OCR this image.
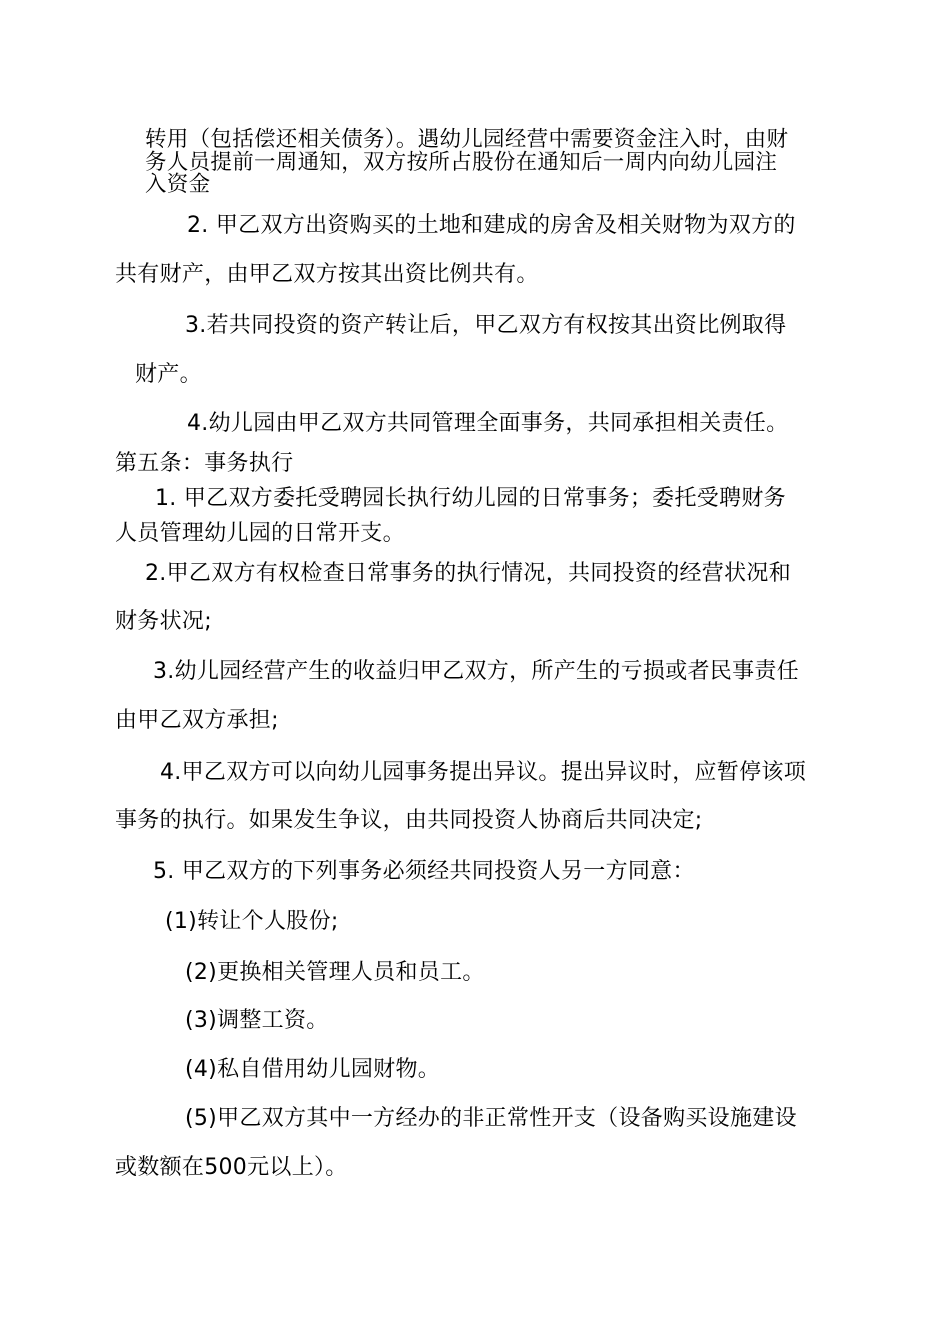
转用（包括偿还相关债务）。遇幼儿园经营中需要资金注入时，由财
务人员提前一周通知，双方按所占股份在通知后一周内向幼儿园注
入资金
2. 甲乙双方出资购买的土地和建成的房舍及相关财物为双方的
共有财产，由甲乙双方按其出资比例共有。
3.若共同投资的资产转让后，甲乙双方有权按其出资比例取得
财产。
4.幼儿园由甲乙双方共同管理全面事务，共同承担相关责任。
第五条：事务执行
1. 甲乙双方委托受聘园长执行幼儿园的日常事务；委托受聘财务
人员管理幼儿园的日常开支。
2.甲乙双方有权检查日常事务的执行情况，共同投资的经营状况和
财务状况;
3.幼儿园经营产生的收益归甲乙双方，所产生的亏损或者民事责任
由甲乙双方承担;
4.甲乙双方可以向幼儿园事务提出异议。提出异议时，应暂停该项
事务的执行。如果发生争议，由共同投资人协商后共同决定;
5. 甲乙双方的下列事务必须经共同投资人另一方同意：
(1)转让个人股份;
(2)更换相关管理人员和员工。
(3)调整工资。
(4)私自借用幼儿园财物。
(5)甲乙双方其中一方经办的非正常性开支（设备购买设施建设
或数额在500元以上）。
